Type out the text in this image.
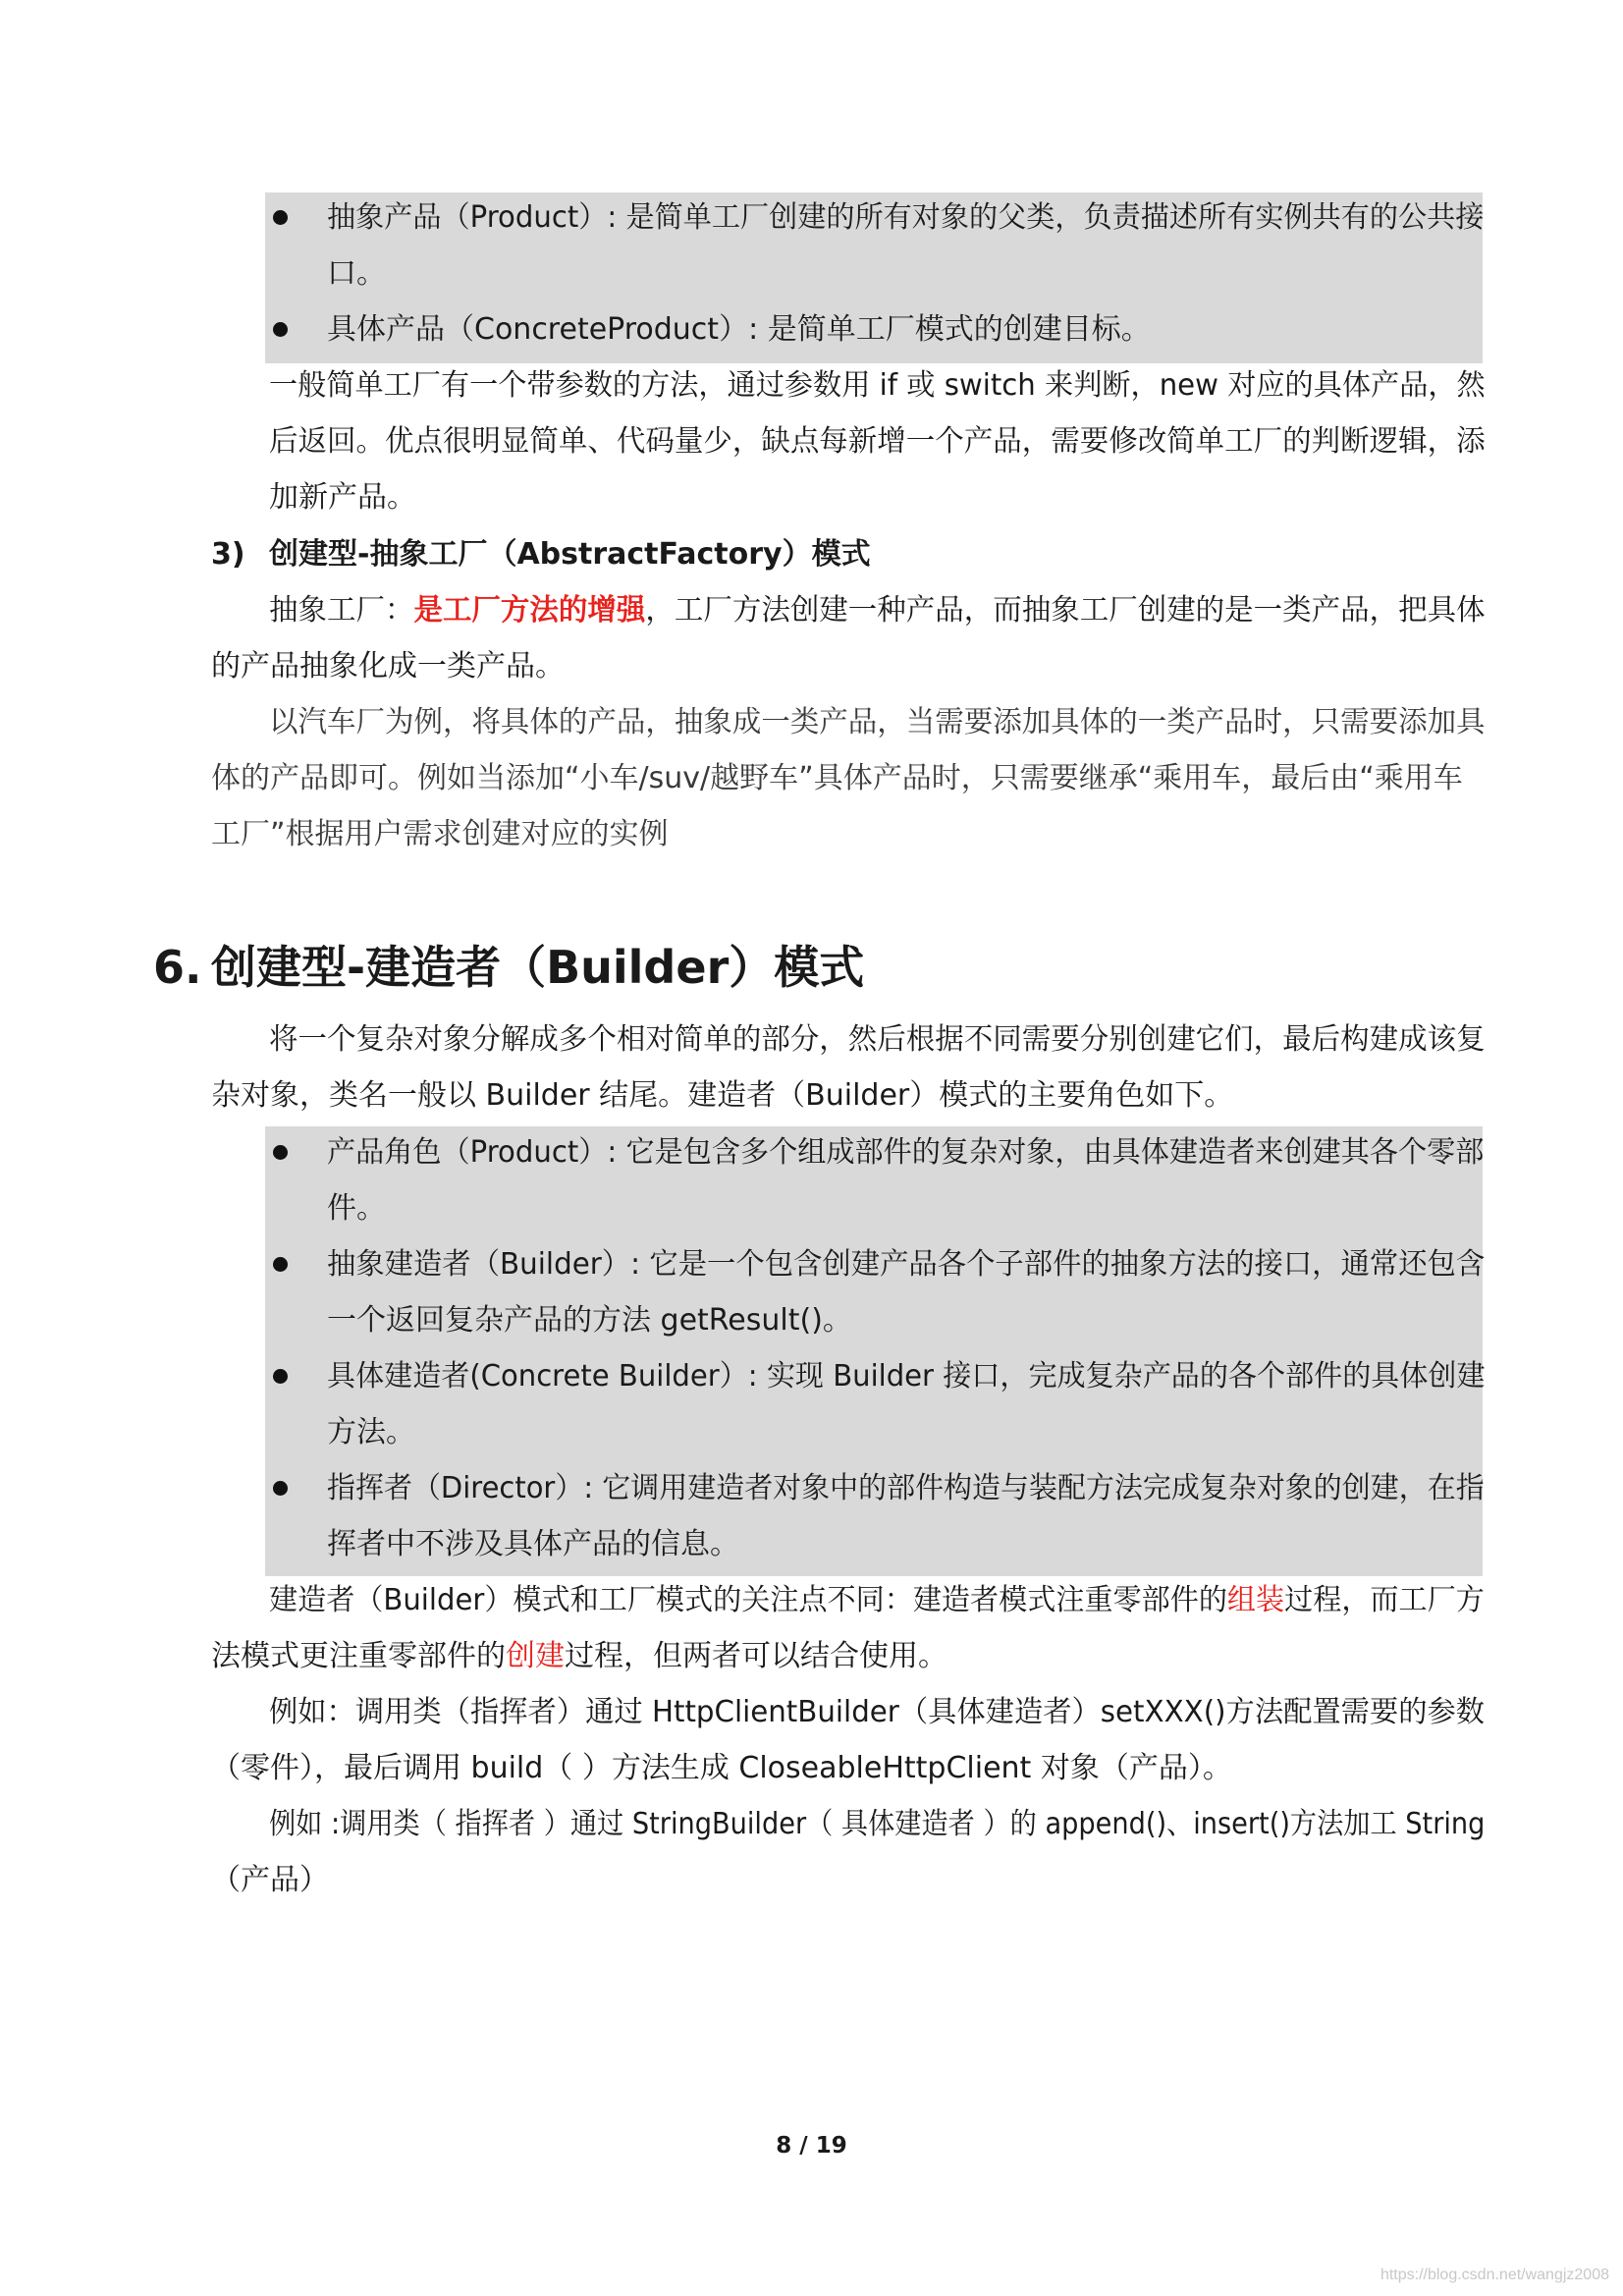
抽象产品（Product）: 是简单工厂创建的所有对象的父类，负责描述所有实例共有的公共接
口。
具体产品（ConcreteProduct）: 是简单工厂模式的创建目标。
一般简单工厂有一个带参数的方法，通过参数用 if 或 switch 来判断，new 对应的具体产品，然
后返回。优点很明显简单、代码量少，缺点每新增一个产品，需要修改简单工厂的判断逻辑，添
加新产品。
3) 创建型-抽象工厂（AbstractFactory）模式
抽象工厂：是工厂方法的增强，工厂方法创建一种产品，而抽象工厂创建的是一类产品，把具体
的产品抽象化成一类产品。
以汽车厂为例，将具体的产品，抽象成一类产品，当需要添加具体的一类产品时，只需要添加具
体的产品即可。例如当添加“小车/suv/越野车”具体产品时，只需要继承“乘用车，最后由“乘用车
工厂”根据用户需求创建对应的实例
6. 创建型-建造者（Builder）模式
将一个复杂对象分解成多个相对简单的部分，然后根据不同需要分别创建它们，最后构建成该复
杂对象，类名一般以 Builder 结尾。建造者（Builder）模式的主要角色如下。
产品角色（Product）: 它是包含多个组成部件的复杂对象，由具体建造者来创建其各个零部
件。
抽象建造者（Builder）: 它是一个包含创建产品各个子部件的抽象方法的接口，通常还包含
一个返回复杂产品的方法 getResult()。
具体建造者(Concrete Builder）: 实现 Builder 接口，完成复杂产品的各个部件的具体创建
方法。
指挥者（Director）: 它调用建造者对象中的部件构造与装配方法完成复杂对象的创建，在指
挥者中不涉及具体产品的信息。
建造者（Builder）模式和工厂模式的关注点不同：建造者模式注重零部件的组装过程，而工厂方
法模式更注重零部件的创建过程，但两者可以结合使用。
例如：调用类（指挥者）通过 HttpClientBuilder（具体建造者）setXXX()方法配置需要的参数
（零件），最后调用 build（ ）方法生成 CloseableHttpClient 对象（产品）。
例如 :调用类（ 指挥者 ）通过 StringBuilder（ 具体建造者 ）的 append()、insert()方法加工 String
（产品）
8 / 19
https://blog.csdn.net/wangjz2008
